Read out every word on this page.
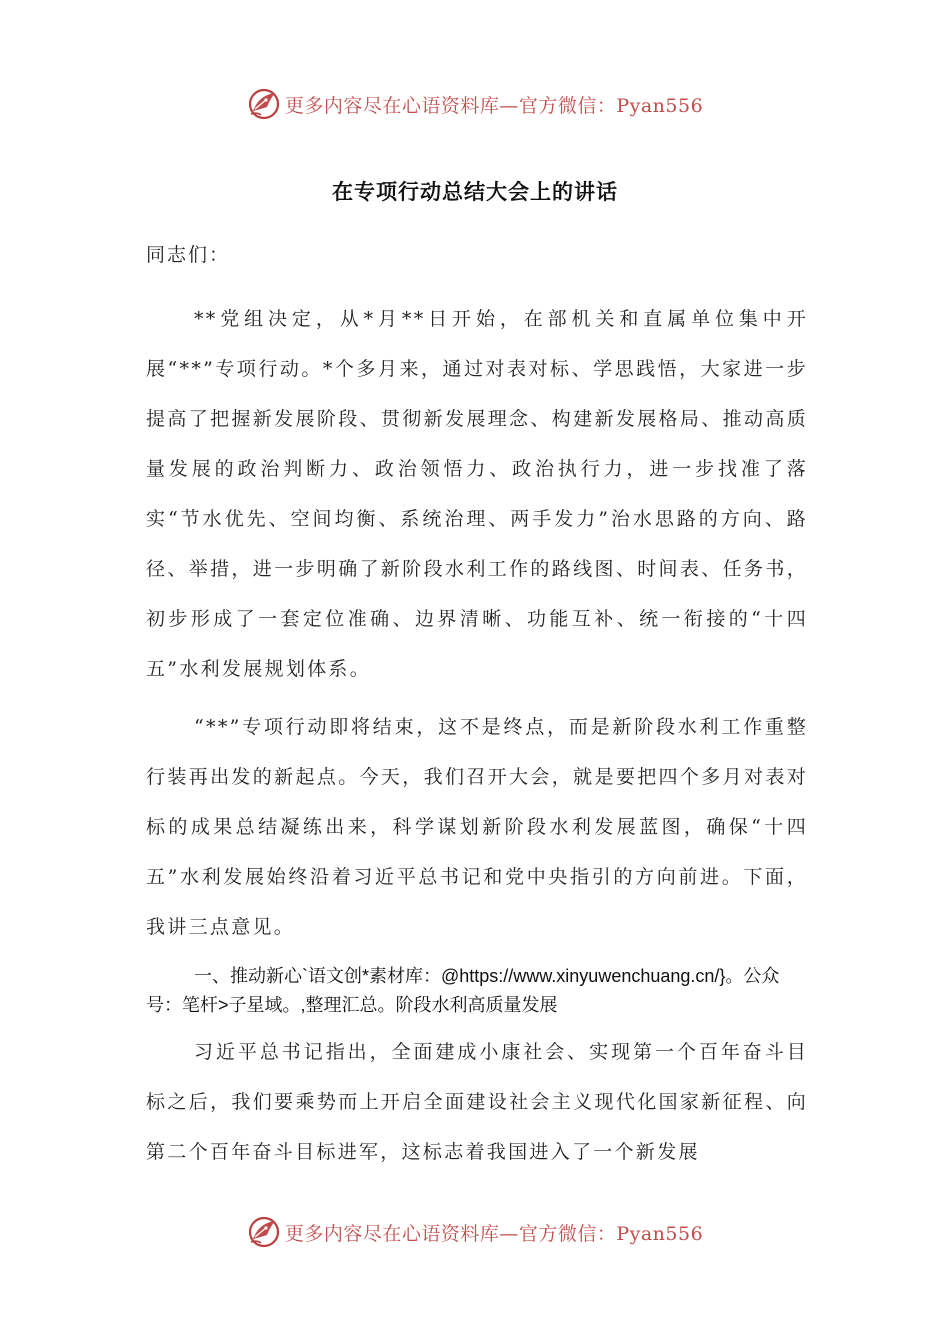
更多内容尽在心语资料库—官方微信：Pyan556
在专项行动总结大会上的讲话
同志们：

**党组决定，从*月**日开始，在部机关和直属单位集中开展“**”专项行动。*个多月来，通过对表对标、学思践悟，大家进一步提高了把握新发展阶段、贯彻新发展理念、构建新发展格局、推动高质量发展的政治判断力、政治领悟力、政治执行力，进一步找准了落实“节水优先、空间均衡、系统治理、两手发力”治水思路的方向、路径、举措，进一步明确了新阶段水利工作的路线图、时间表、任务书，初步形成了一套定位准确、边界清晰、功能互补、统一衔接的“十四五”水利发展规划体系。

“**”专项行动即将结束，这不是终点，而是新阶段水利工作重整行装再出发的新起点。今天，我们召开大会，就是要把四个多月对表对标的成果总结凝练出来，科学谋划新阶段水利发展蓝图，确保“十四五”水利发展始终沿着习近平总书记和党中央指引的方向前进。下面，我讲三点意见。

一、推动新心`语文创*素材库：@https://www.xinyuwenchuang.cn/}。公众号：笔杆>子星域。,整理汇总。阶段水利高质量发展

习近平总书记指出，全面建成小康社会、实现第一个百年奋斗目标之后，我们要乘势而上开启全面建设社会主义现代化国家新征程、向第二个百年奋斗目标进军，这标志着我国进入了一个新发展

更多内容尽在心语资料库—官方微信：Pyan556
